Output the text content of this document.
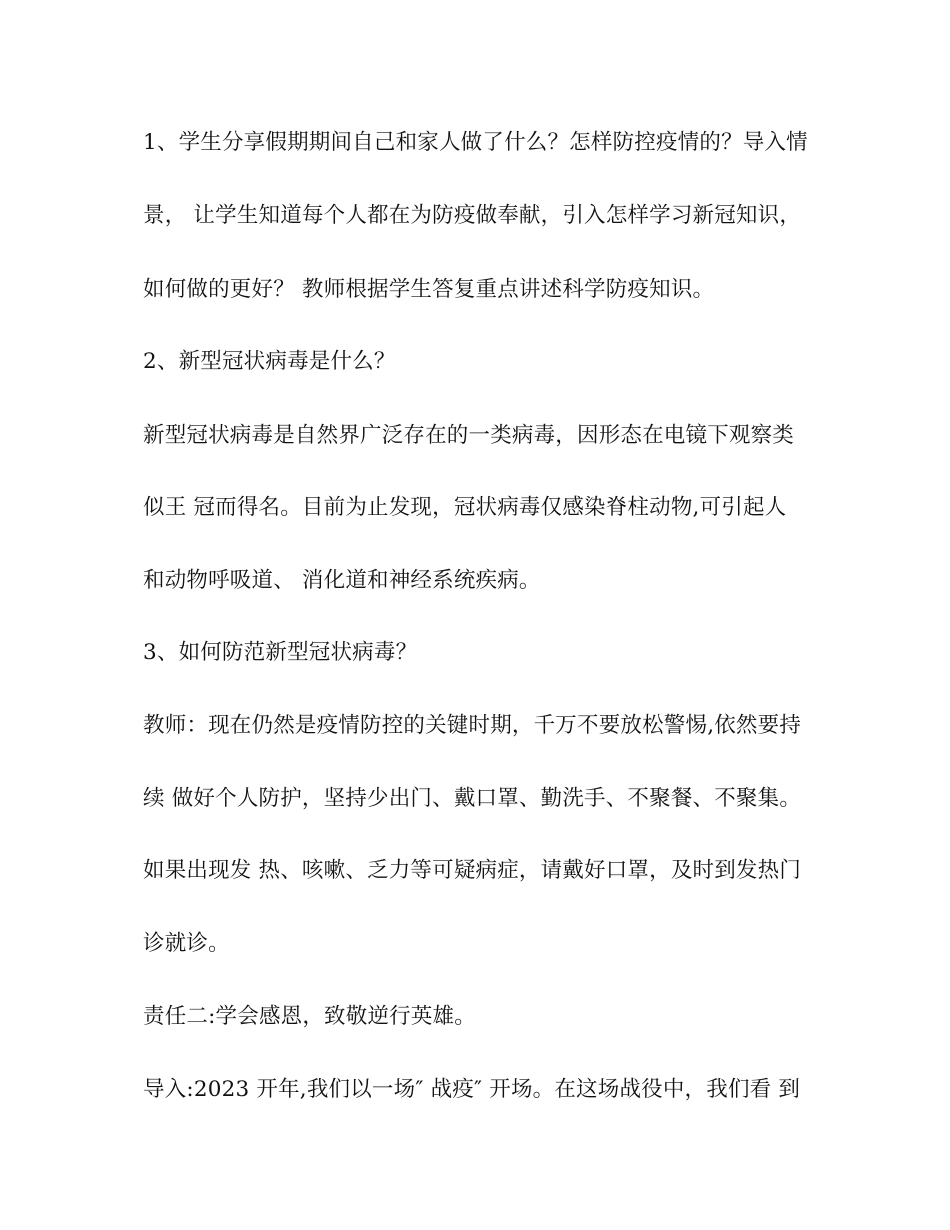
1、学生分享假期期间自己和家人做了什么？怎样防控疫情的？导入情
景， 让学生知道每个人都在为防疫做奉献，引入怎样学习新冠知识，
如何做的更好？ 教师根据学生答复重点讲述科学防疫知识。
2、新型冠状病毒是什么？
新型冠状病毒是自然界广泛存在的一类病毒，因形态在电镜下观察类
似王 冠而得名。目前为止发现，冠状病毒仅感染脊柱动物,可引起人
和动物呼吸道、 消化道和神经系统疾病。
3、如何防范新型冠状病毒？
教师：现在仍然是疫情防控的关键时期，千万不要放松警惕,依然要持
续 做好个人防护，坚持少出门、戴口罩、勤洗手、不聚餐、不聚集。
如果出现发 热、咳嗽、乏力等可疑病症，请戴好口罩，及时到发热门
诊就诊。
责任二:学会感恩，致敬逆行英雄。
导入:2023 开年,我们以一场″ 战疫″ 开场。在这场战役中，我们看 到
